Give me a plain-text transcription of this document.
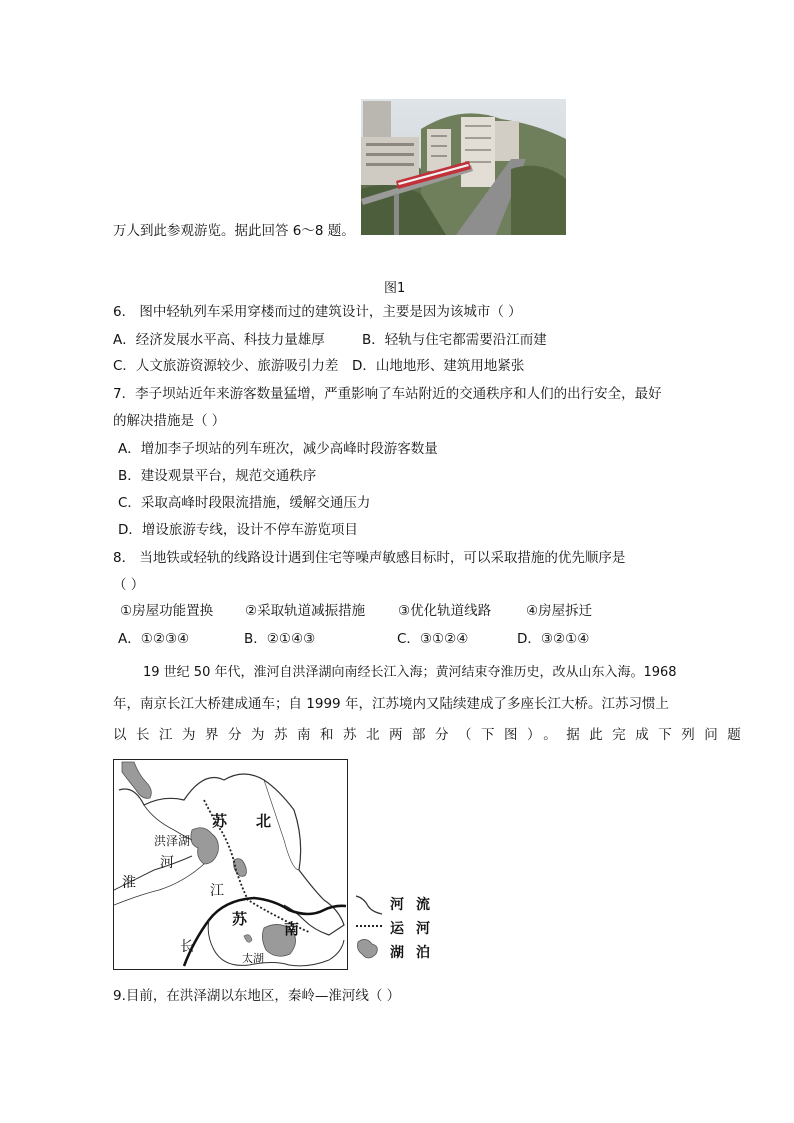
万人到此参观游览。据此回答 6～8 题。
图1
6． 图中轻轨列车采用穿楼而过的建筑设计，主要是因为该城市（ ）
A．经济发展水平高、科技力量雄厚	B．轻轨与住宅都需要沿江而建
C．人文旅游资源较少、旅游吸引力差 D．山地地形、建筑用地紧张
7．李子坝站近年来游客数量猛增，严重影响了车站附近的交通秩序和人们的出行安全，最好
的解决措施是（ ）
A．增加李子坝站的列车班次，减少高峰时段游客数量
B．建设观景平台，规范交通秩序
C．采取高峰时段限流措施，缓解交通压力
D．增设旅游专线，设计不停车游览项目
8． 当地铁或轻轨的线路设计遇到住宅等噪声敏感目标时，可以采取措施的优先顺序是
（ ）
①房屋功能置换 ②采取轨道减振措施 ③优化轨道线路	④房屋拆迁
A．①②③④	B．②①④③	C．③①②④	D．③②①④
19 世纪 50 年代，淮河自洪泽湖向南经长江入海；黄河结束夺淮历史，改从山东入海。1968
年，南京长江大桥建成通车；自 1999 年，江苏境内又陆续建成了多座长江大桥。江苏习惯上
以长江为界分为苏南和苏北两部分（下图）。据此完成下列问题
苏 北
洪泽湖
河
淮	江
苏
南
长
太湖
河流
运河
湖泊
9.目前，在洪泽湖以东地区，秦岭—淮河线（ ）
